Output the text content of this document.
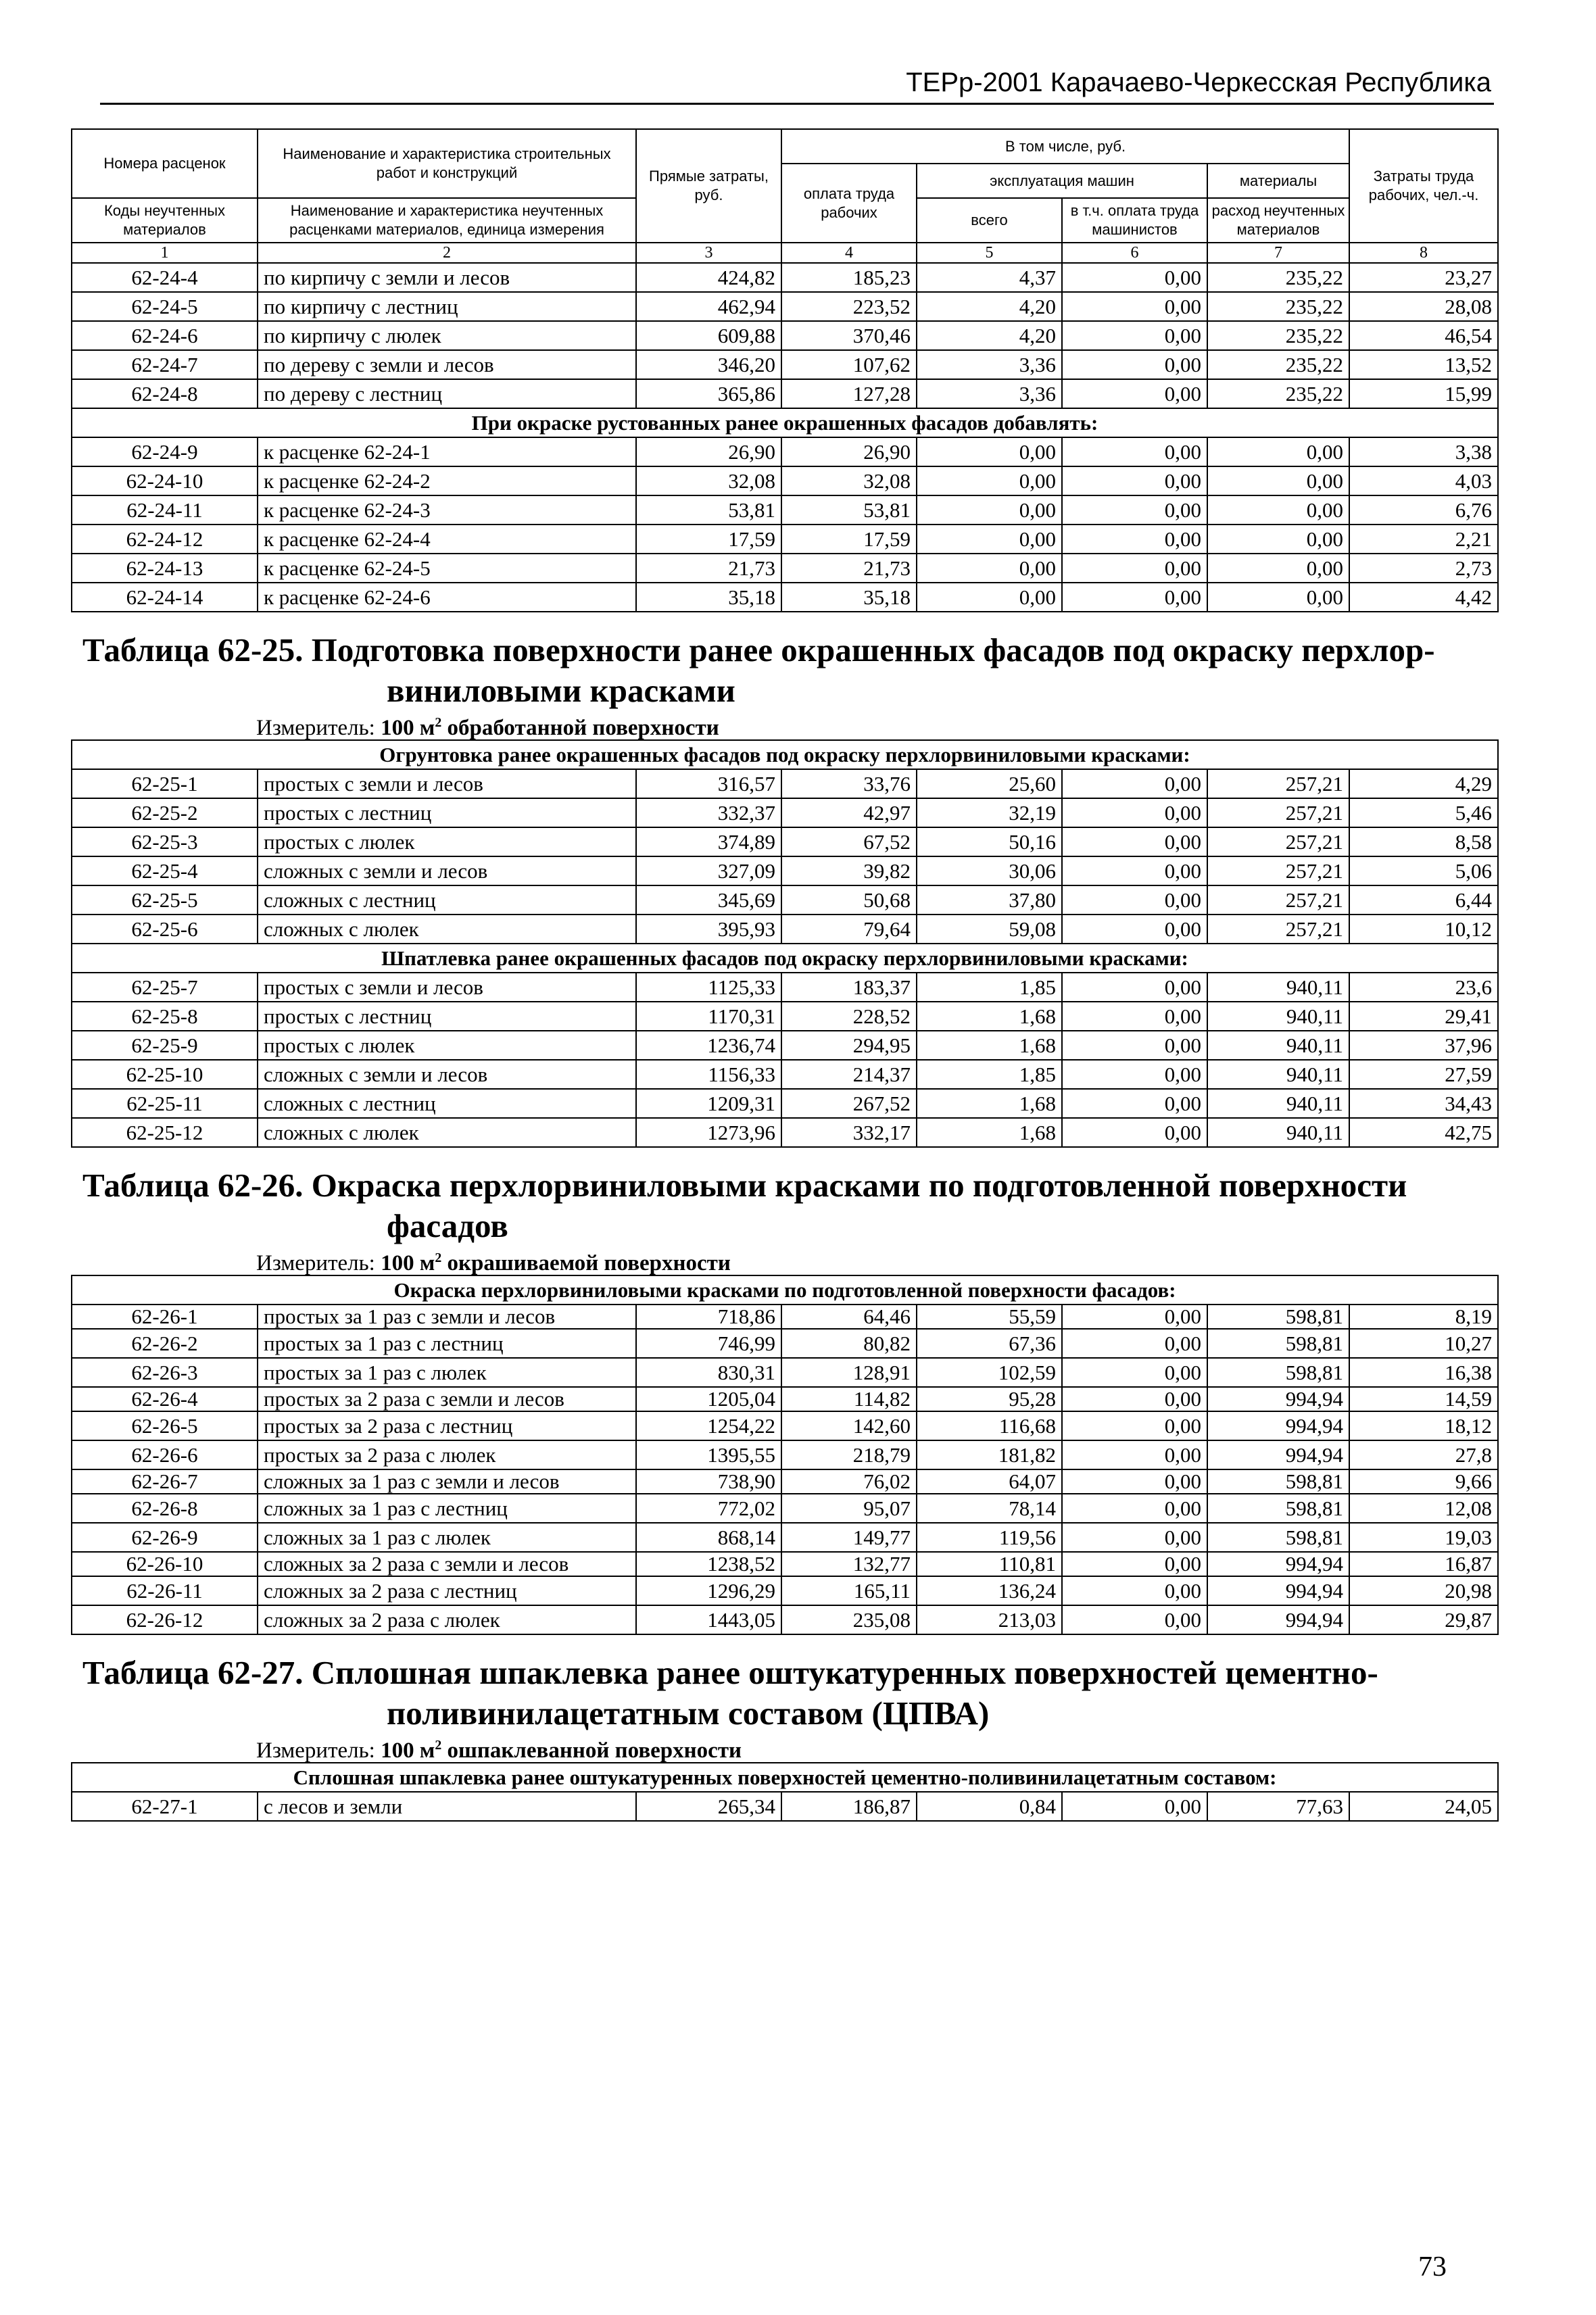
ТЕРр-2001 Карачаево-Черкесская Республика
Номера расценок	Наименование и характеристика строительных работ и конструкций	Прямые затраты, руб.	В том числе, руб.				Затраты труда рабочих, чел.-ч.
			оплата труда рабочих	эксплуатация машин		материалы	
Коды неучтенных материалов	Наименование и характеристика неучтенных расценками материалов, единица измерения			всего	в т.ч. оплата труда машинистов	расход неучтенных материалов	

1	2	3	4	5	6	7	8
62-24-4	по кирпичу с земли и лесов	424,82	185,23	4,37	0,00	235,22	23,27
62-24-5	по кирпичу с лестниц	462,94	223,52	4,20	0,00	235,22	28,08
62-24-6	по кирпичу с люлек	609,88	370,46	4,20	0,00	235,22	46,54
62-24-7	по дереву с земли и лесов	346,20	107,62	3,36	0,00	235,22	13,52
62-24-8	по дереву с лестниц	365,86	127,28	3,36	0,00	235,22	15,99
При окраске рустованных ранее окрашенных фасадов добавлять:							
62-24-9	к расценке 62-24-1	26,90	26,90	0,00	0,00	0,00	3,38
62-24-10	к расценке 62-24-2	32,08	32,08	0,00	0,00	0,00	4,03
62-24-11	к расценке 62-24-3	53,81	53,81	0,00	0,00	0,00	6,76
62-24-12	к расценке 62-24-4	17,59	17,59	0,00	0,00	0,00	2,21
62-24-13	к расценке 62-24-5	21,73	21,73	0,00	0,00	0,00	2,73
62-24-14	к расценке 62-24-6	35,18	35,18	0,00	0,00	0,00	4,42

Таблица 62-25. Подготовка поверхности ранее окрашенных фасадов под окраску перхлор-
виниловыми красками							

Измеритель: 100 $м^2$ обработанной поверхности							

Огрунтовка ранее окрашенных фасадов под окраску перхлорвиниловыми красками:							
62-25-1	простых с земли и лесов	316,57	33,76	25,60	0,00	257,21	4,29
62-25-2	простых с лестниц	332,37	42,97	32,19	0,00	257,21	5,46
62-25-3	простых с люлек	374,89	67,52	50,16	0,00	257,21	8,58
62-25-4	сложных с земли и лесов	327,09	39,82	30,06	0,00	257,21	5,06
62-25-5	сложных с лестниц	345,69	50,68	37,80	0,00	257,21	6,44
62-25-6	сложных с люлек	395,93	79,64	59,08	0,00	257,21	10,12
Шпатлевка ранее окрашенных фасадов под окраску перхлорвиниловыми красками:							
62-25-7	простых с земли и лесов	1125,33	183,37	1,85	0,00	940,11	23,6
62-25-8	простых с лестниц	1170,31	228,52	1,68	0,00	940,11	29,41
62-25-9	простых с люлек	1236,74	294,95	1,68	0,00	940,11	37,96
62-25-10	сложных с земли и лесов	1156,33	214,37	1,85	0,00	940,11	27,59
62-25-11	сложных с лестниц	1209,31	267,52	1,68	0,00	940,11	34,43
62-25-12	сложных с люлек	1273,96	332,17	1,68	0,00	940,11	42,75

Таблица 62-26. Окраска перхлорвиниловыми красками по подготовленной поверхности
фасадов							

Измеритель: 100 $м^2$ окрашиваемой поверхности							

Окраска перхлорвиниловыми красками по подготовленной поверхности фасадов:							
62-26-1	простых за 1 раз с земли и лесов	718,86	64,46	55,59	0,00	598,81	8,19
62-26-2	простых за 1 раз с лестниц	746,99	80,82	67,36	0,00	598,81	10,27
62-26-3	простых за 1 раз с люлек	830,31	128,91	102,59	0,00	598,81	16,38
62-26-4	простых за 2 раза с земли и лесов	1205,04	114,82	95,28	0,00	994,94	14,59
62-26-5	простых за 2 раза с лестниц	1254,22	142,60	116,68	0,00	994,94	18,12
62-26-6	простых за 2 раза с люлек	1395,55	218,79	181,82	0,00	994,94	27,8
62-26-7	сложных за 1 раз с земли и лесов	738,90	76,02	64,07	0,00	598,81	9,66
62-26-8	сложных за 1 раз с лестниц	772,02	95,07	78,14	0,00	598,81	12,08
62-26-9	сложных за 1 раз с люлек	868,14	149,77	119,56	0,00	598,81	19,03
62-26-10	сложных за 2 раза с земли и лесов	1238,52	132,77	110,81	0,00	994,94	16,87
62-26-11	сложных за 2 раза с лестниц	1296,29	165,11	136,24	0,00	994,94	20,98
62-26-12	сложных за 2 раза с люлек	1443,05	235,08	213,03	0,00	994,94	29,87

Таблица 62-27. Сплошная шпаклевка ранее оштукатуренных поверхностей цементно-
поливинилацетатным составом (ЦПВА)							

Измеритель: 100 $м^2$ ошпаклеванной поверхности							

Сплошная шпаклевка ранее оштукатуренных поверхностей цементно-поливинилацетатным составом:							
62-27-1	с лесов и земли	265,34	186,87	0,84	0,00	77,63	24,05
73
